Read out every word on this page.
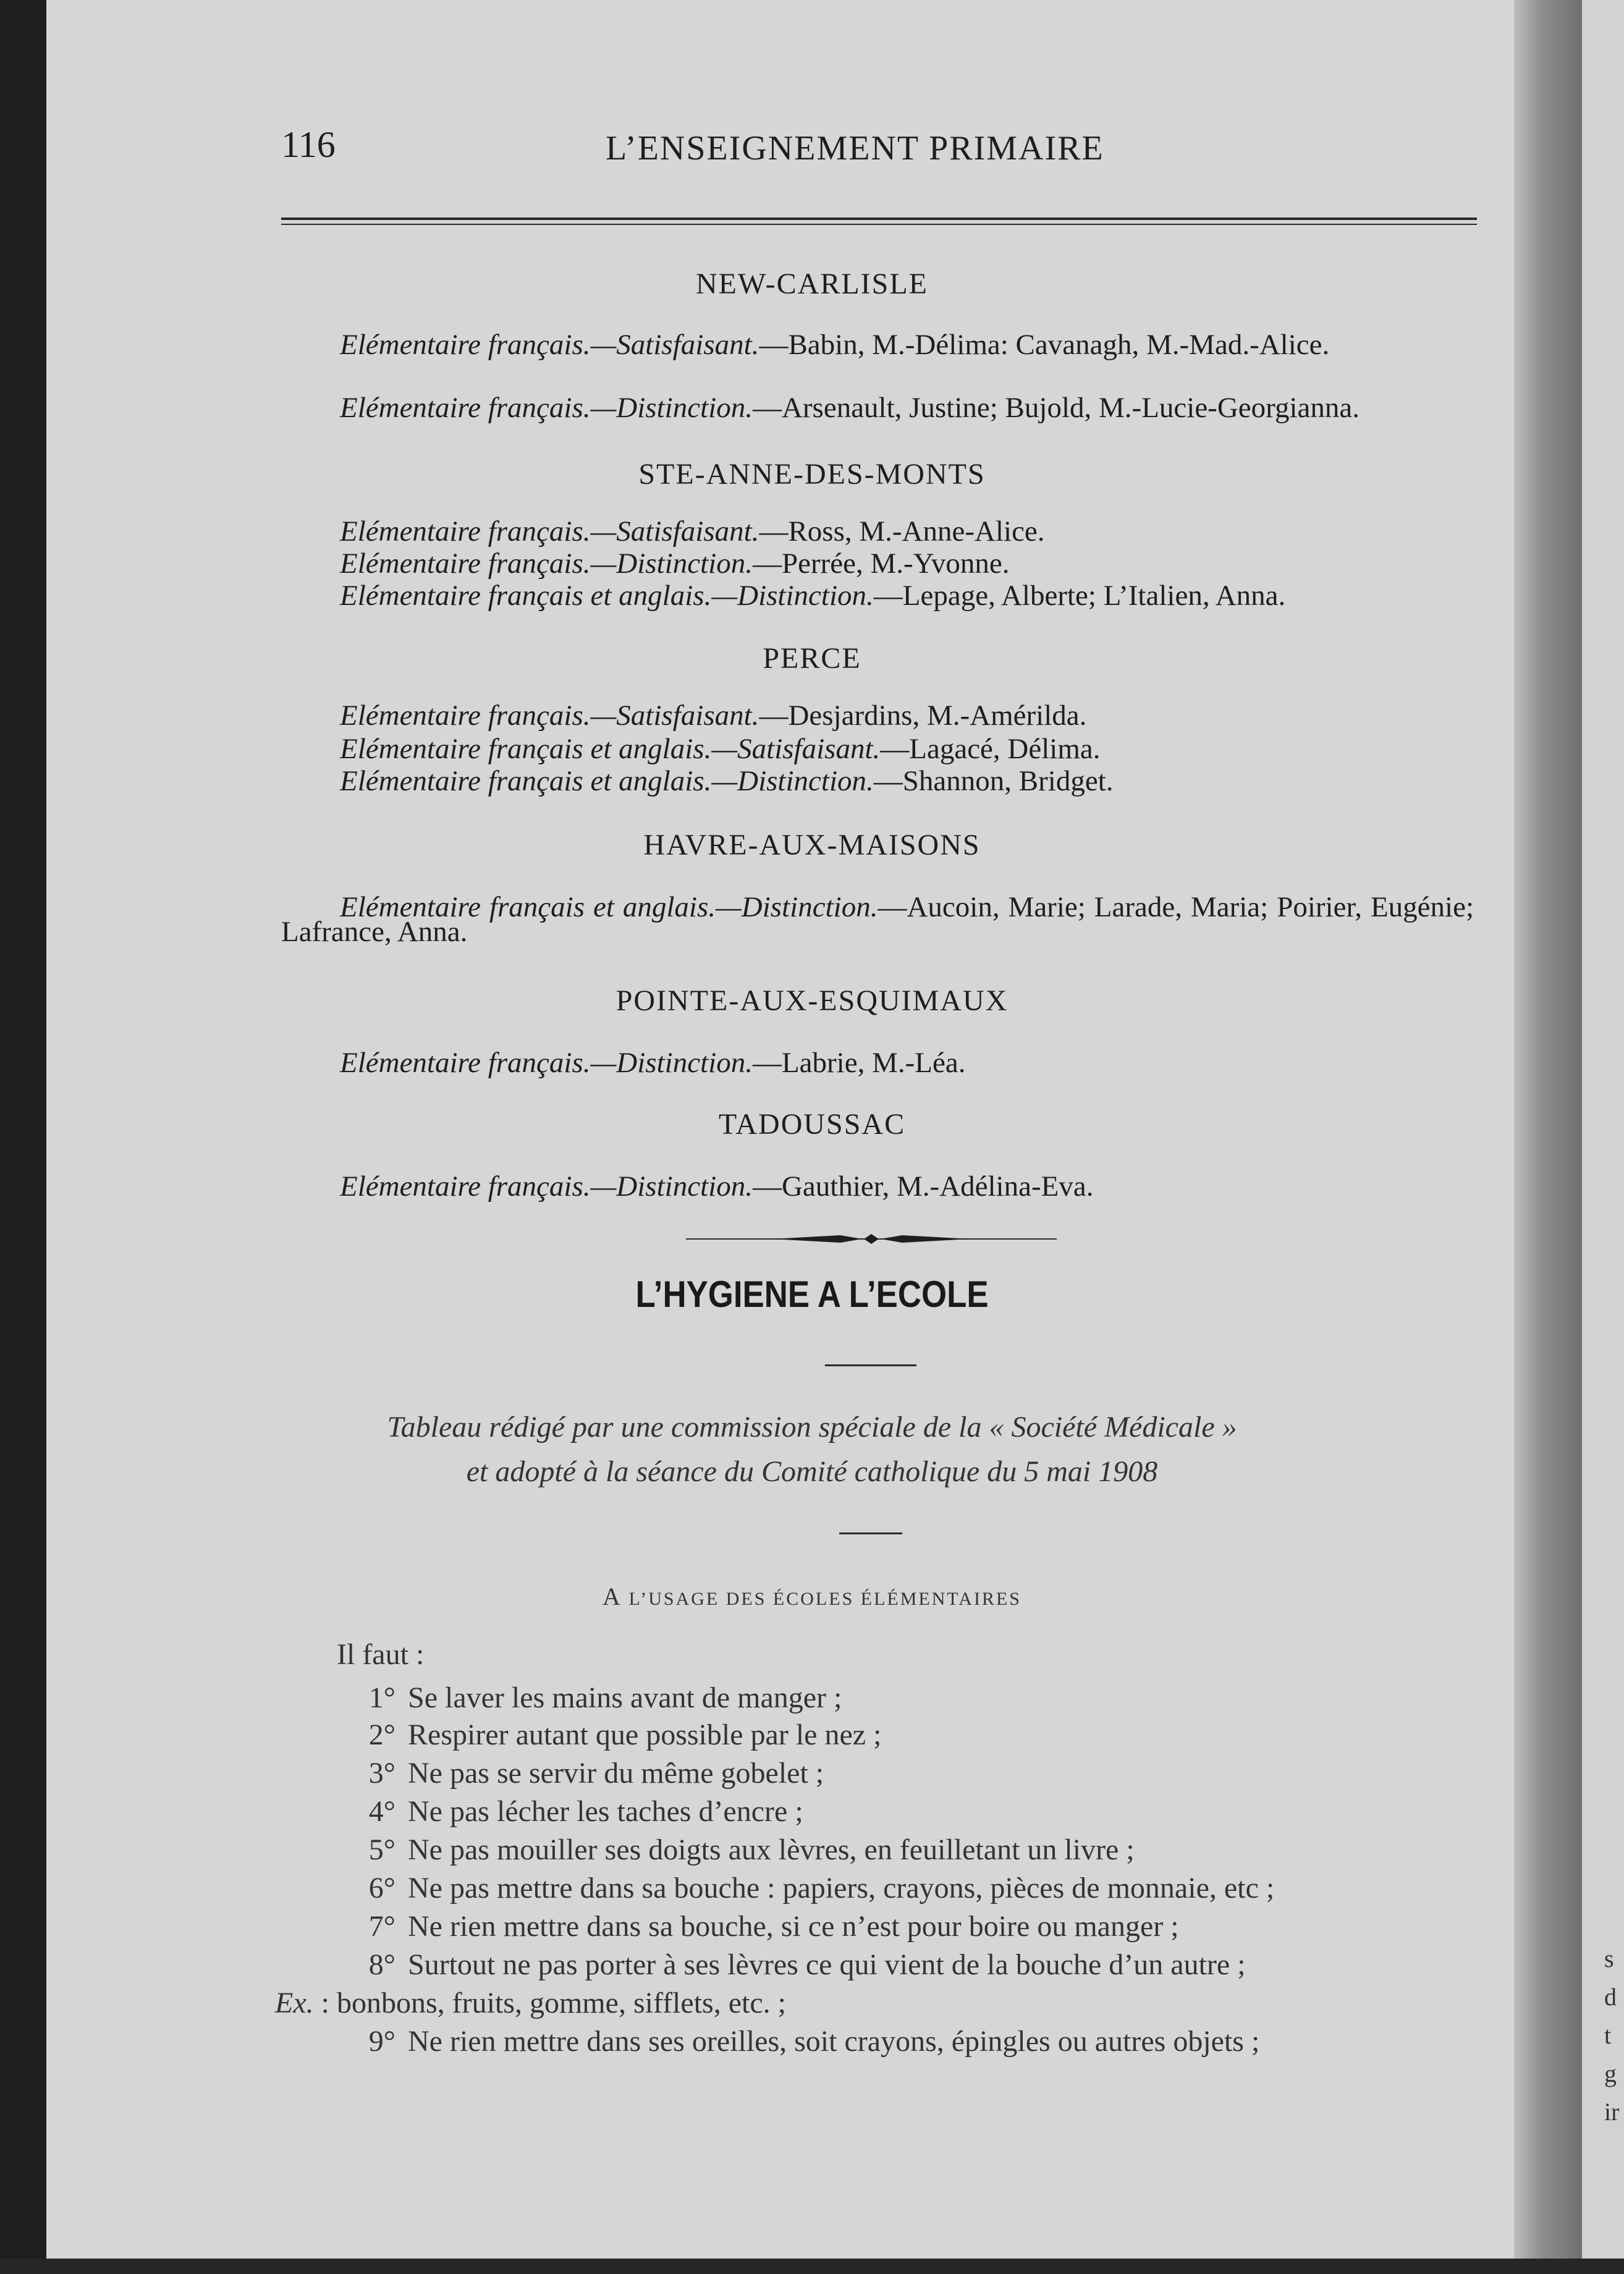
s
d
t
g
ir
116	L’ENSEIGNEMENT PRIMAIRE
NEW-CARLISLE
Elémentaire français.—Satisfaisant.—Babin, M.-Délima: Cavanagh, M.-Mad.-Alice.
Elémentaire français.—Distinction.—Arsenault, Justine; Bujold, M.-Lucie-Georgianna.
STE-ANNE-DES-MONTS
Elémentaire français.—Satisfaisant.—Ross, M.-Anne-Alice.
Elémentaire français.—Distinction.—Perrée, M.-Yvonne.
Elémentaire français et anglais.—Distinction.—Lepage, Alberte; L’Italien, Anna.
PERCE
Elémentaire français.—Satisfaisant.—Desjardins, M.-Amérilda.
Elémentaire français et anglais.—Satisfaisant.—Lagacé, Délima.
Elémentaire français et anglais.—Distinction.—Shannon, Bridget.
HAVRE-AUX-MAISONS
Elémentaire français et anglais.—Distinction.—Aucoin, Marie; Larade, Maria; Poirier, Eugénie; Lafrance, Anna.
POINTE-AUX-ESQUIMAUX
Elémentaire français.—Distinction.—Labrie, M.-Léa.
TADOUSSAC
Elémentaire français.—Distinction.—Gauthier, M.-Adélina-Eva.
L’HYGIENE A L’ECOLE
Tableau rédigé par une commission spéciale de la « Société Médicale »
et adopté à la séance du Comité catholique du 5 mai 1908
A L’USAGE DES ÉCOLES ÉLÉMENTAIRES
Il faut :
1° Se laver les mains avant de manger ;
2° Respirer autant que possible par le nez ;
3° Ne pas se servir du même gobelet ;
4° Ne pas lécher les taches d’encre ;
5° Ne pas mouiller ses doigts aux lèvres, en feuilletant un livre ;
6° Ne pas mettre dans sa bouche : papiers, crayons, pièces de monnaie, etc ;
7° Ne rien mettre dans sa bouche, si ce n’est pour boire ou manger ;
8° Surtout ne pas porter à ses lèvres ce qui vient de la bouche d’un autre ;
Ex. : bonbons, fruits, gomme, sifflets, etc. ;
9° Ne rien mettre dans ses oreilles, soit crayons, épingles ou autres objets ;
